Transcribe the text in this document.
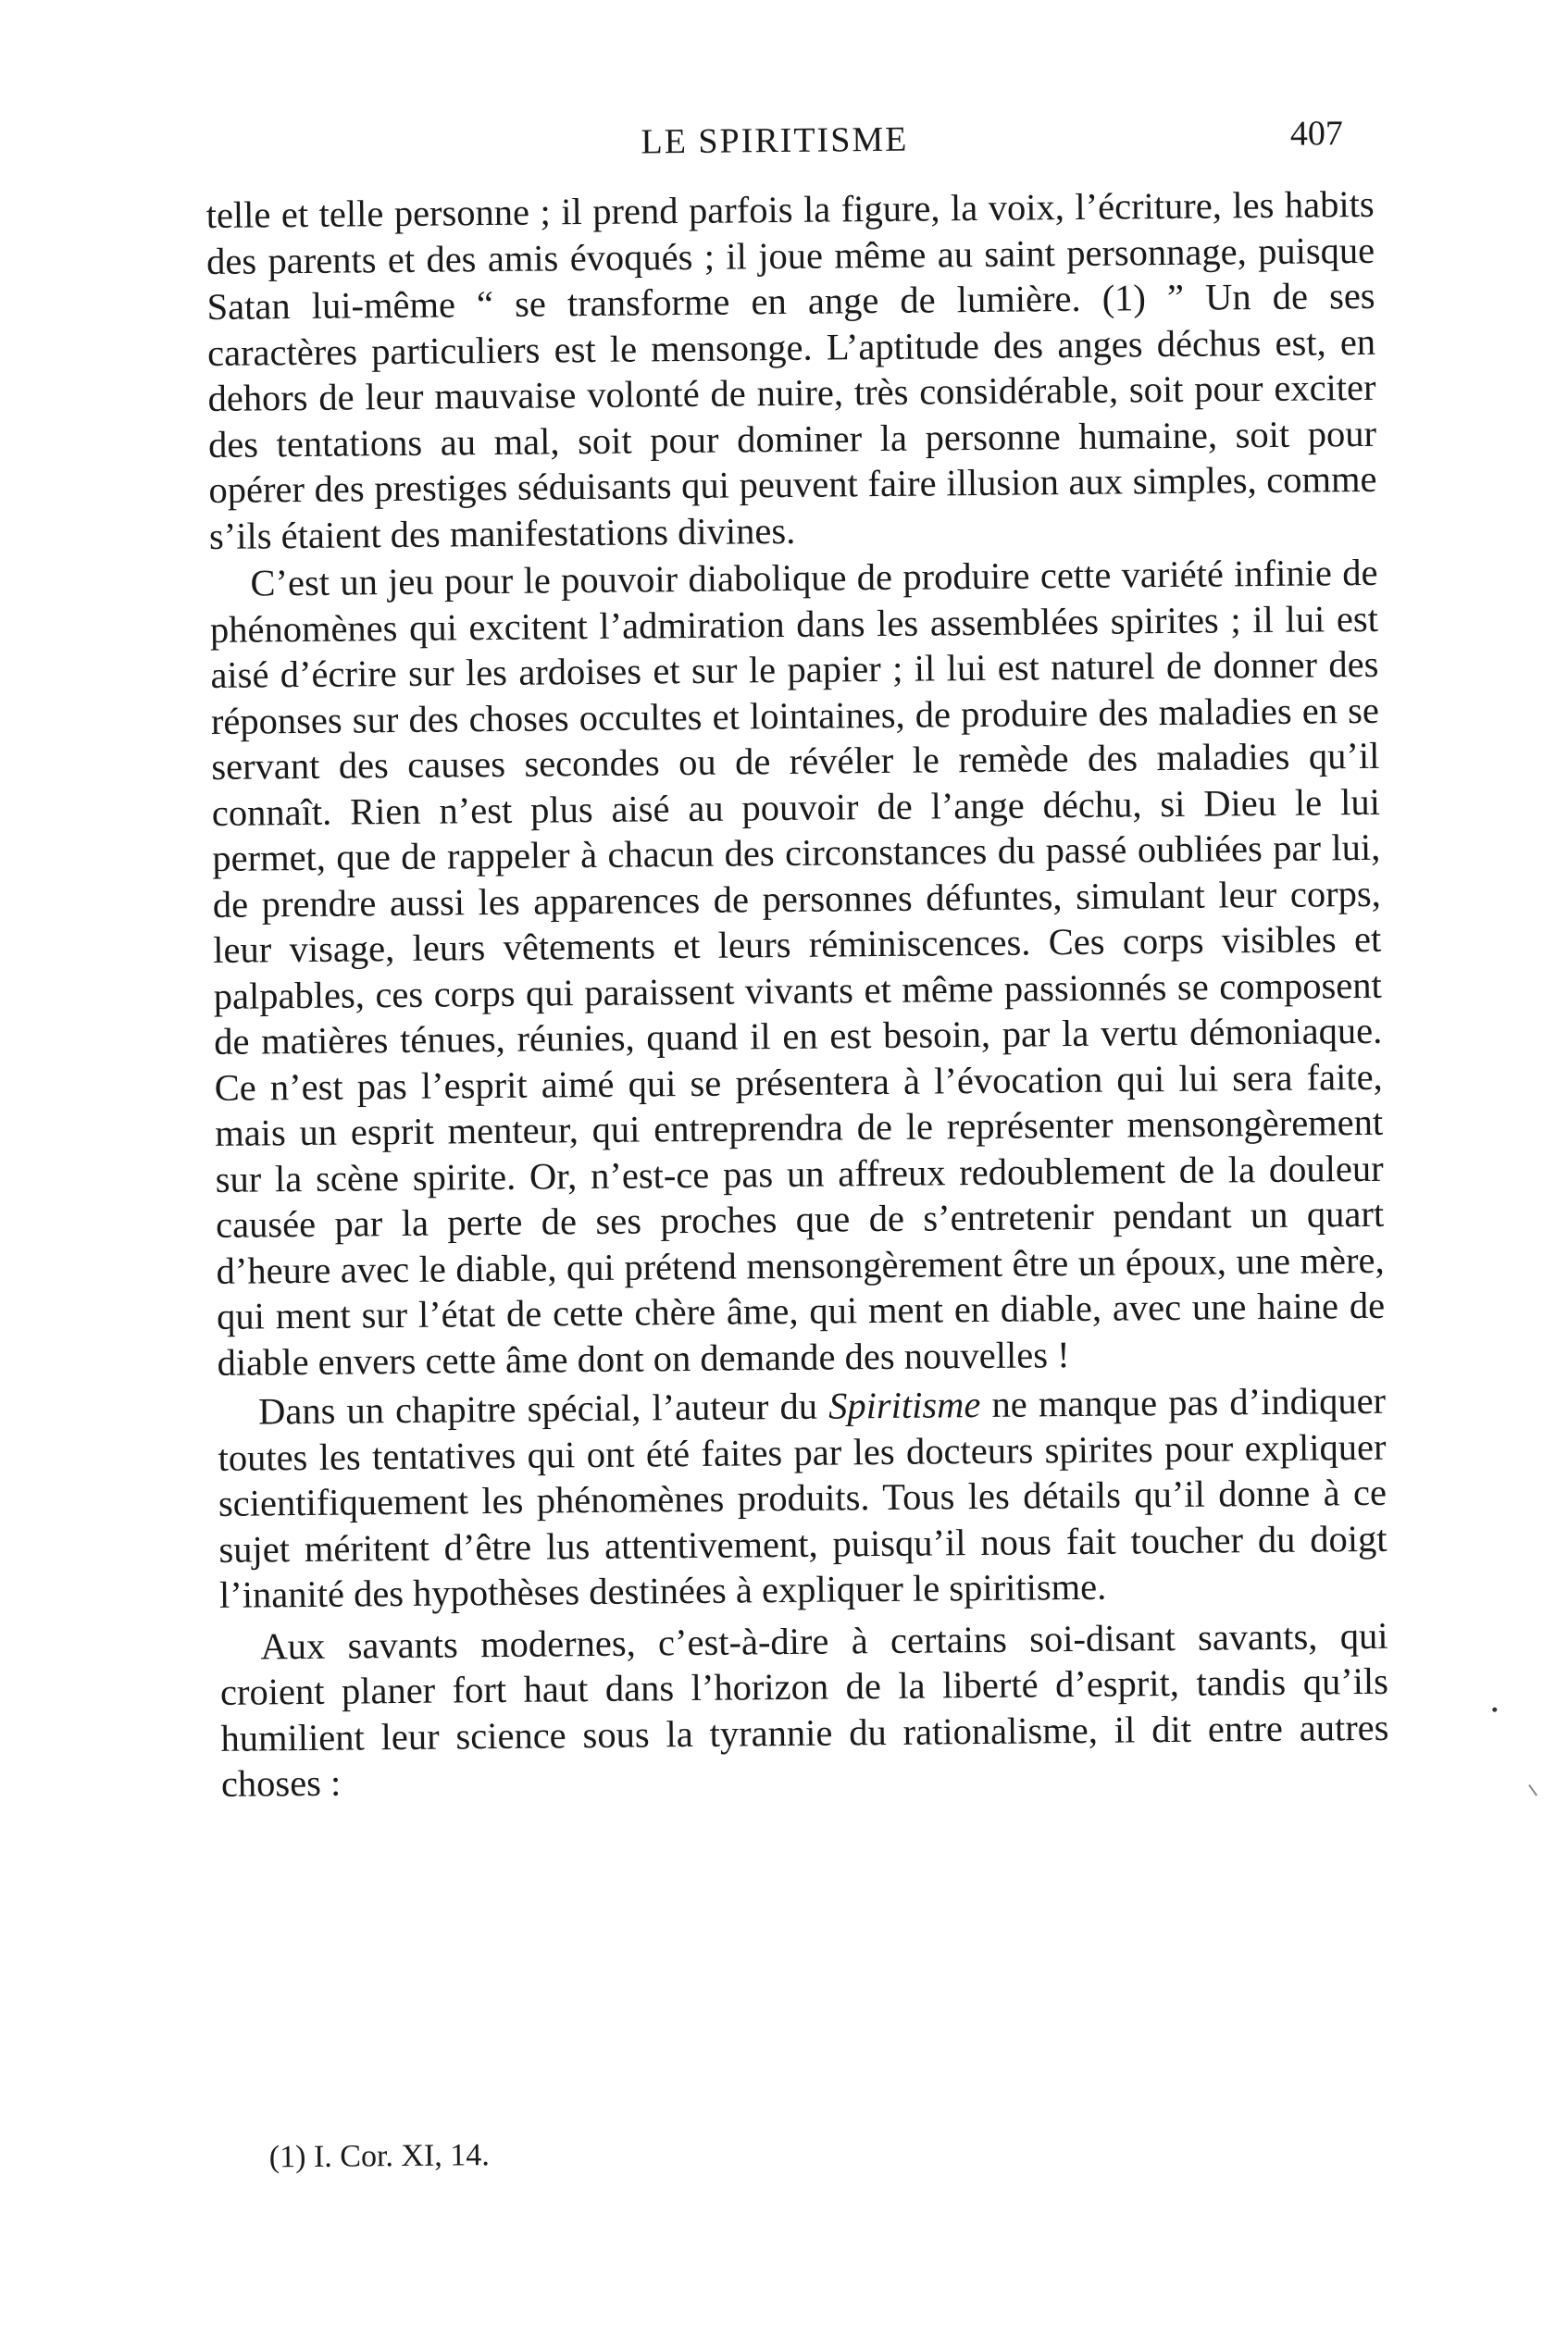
LE SPIRITISME	407

telle et telle personne ; il prend parfois la figure, la voix, l’écriture, les habits des parents et des amis évoqués ; il joue même au saint personnage, puisque Satan lui-même “ se transforme en ange de lumière. (1) ” Un de ses caractères particuliers est le mensonge. L’aptitude des anges déchus est, en dehors de leur mauvaise volonté de nuire, très considérable, soit pour exciter des tentations au mal, soit pour dominer la personne humaine, soit pour opérer des prestiges séduisants qui peuvent faire illusion aux simples, comme s’ils étaient des manifestations divines.

C’est un jeu pour le pouvoir diabolique de produire cette variété infinie de phénomènes qui excitent l’admiration dans les assemblées spirites ; il lui est aisé d’écrire sur les ardoises et sur le papier ; il lui est naturel de donner des réponses sur des choses occultes et lointaines, de produire des maladies en se servant des causes secondes ou de révéler le remède des maladies qu’il connaît. Rien n’est plus aisé au pouvoir de l’ange déchu, si Dieu le lui permet, que de rappeler à chacun des circonstances du passé oubliées par lui, de prendre aussi les apparences de personnes défuntes, simulant leur corps, leur visage, leurs vêtements et leurs réminiscences. Ces corps visibles et palpables, ces corps qui paraissent vivants et même passionnés se composent de matières ténues, réunies, quand il en est besoin, par la vertu démoniaque. Ce n’est pas l’esprit aimé qui se présentera à l’évocation qui lui sera faite, mais un esprit menteur, qui entreprendra de le représenter mensongèrement sur la scène spirite. Or, n’est-ce pas un affreux redoublement de la douleur causée par la perte de ses proches que de s’entretenir pendant un quart d’heure avec le diable, qui prétend mensongèrement être un époux, une mère, qui ment sur l’état de cette chère âme, qui ment en diable, avec une haine de diable envers cette âme dont on demande des nouvelles !

Dans un chapitre spécial, l’auteur du Spiritisme ne manque pas d’indiquer toutes les tentatives qui ont été faites par les docteurs spirites pour expliquer scientifiquement les phénomènes produits. Tous les détails qu’il donne à ce sujet méritent d’être lus attentivement, puisqu’il nous fait toucher du doigt l’inanité des hypothèses destinées à expliquer le spiritisme.

Aux savants modernes, c’est-à-dire à certains soi-disant savants, qui croient planer fort haut dans l’horizon de la liberté d’esprit, tandis qu’ils humilient leur science sous la tyrannie du rationalisme, il dit entre autres choses :

(1) I. Cor. XI, 14.
